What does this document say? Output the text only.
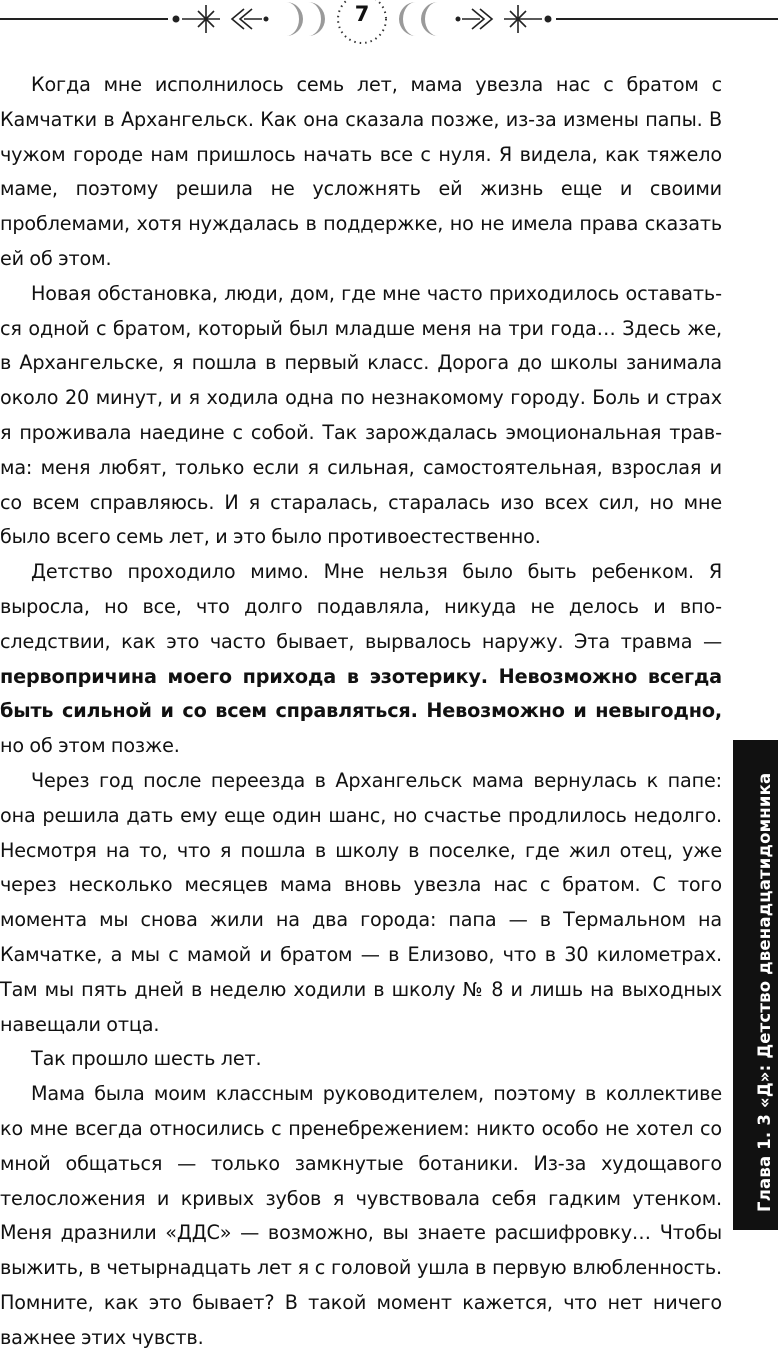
7

Когда мне исполнилось семь лет, мама увезла нас с братом с Камчатки в Архангельск. Как она сказала позже, из-за измены папы. В чужом городе нам пришлось начать все с нуля. Я видела, как тяжело маме, поэтому решила не усложнять ей жизнь еще и своими проблемами, хотя нуждалась в поддержке, но не имела права сказать ей об этом.

Новая обстановка, люди, дом, где мне часто приходилось оставаться одной с братом, который был младше меня на три года… Здесь же, в Архангельске, я пошла в первый класс. Дорога до школы занимала около 20 минут, и я ходила одна по незнакомому городу. Боль и страх я проживала наедине с собой. Так зарождалась эмоциональная травма: меня любят, только если я сильная, самостоятельная, взрослая и со всем справляюсь. И я старалась, старалась изо всех сил, но мне было всего семь лет, и это было противоестественно.

Детство проходило мимо. Мне нельзя было быть ребенком. Я выросла, но все, что долго подавляла, никуда не делось и впоследствии, как это часто бывает, вырвалось наружу. Эта травма — первопричина моего прихода в эзотерику. Невозможно всегда быть сильной и со всем справляться. Невозможно и невыгодно, но об этом позже.

Через год после переезда в Архангельск мама вернулась к папе: она решила дать ему еще один шанс, но счастье продлилось недолго. Несмотря на то, что я пошла в школу в поселке, где жил отец, уже через несколько месяцев мама вновь увезла нас с братом. С того момента мы снова жили на два города: папа — в Термальном на Камчатке, а мы с мамой и братом — в Елизово, что в 30 километрах. Там мы пять дней в неделю ходили в школу № 8 и лишь на выходных навещали отца.

Так прошло шесть лет.

Мама была моим классным руководителем, поэтому в коллективе ко мне всегда относились с пренебрежением: никто особо не хотел со мной общаться — только замкнутые ботаники. Из-за худощавого телосложения и кривых зубов я чувствовала себя гадким утенком. Меня дразнили «ДДС» — возможно, вы знаете расшифровку… Чтобы выжить, в четырнадцать лет я с головой ушла в первую влюбленность. Помните, как это бывает? В такой момент кажется, что нет ничего важнее этих чувств.

Глава 1. 3 «Д»: Детство двенадцатидомника
